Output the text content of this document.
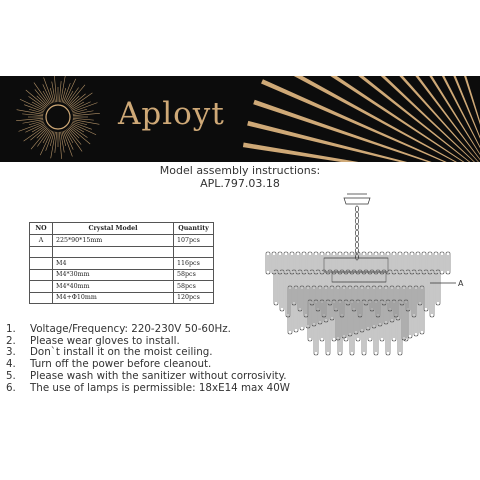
Aployt
Model assembly instructions:
APL.797.03.18
NO	Crystal Model	Quantity
A	225*90*15mm	107pcs

	M4	116pcs
	M4*30mm	58pcs
	M4*40mm	58pcs
	M4+Φ10mm	120pcs
A
1.	Voltage/Frequency: 220-230V 50-60Hz.
2.	Please wear gloves to install.
3.	Don`t install it on the moist ceiling.
4.	Turn off the power before cleanout.
5.	Please wash with the sanitizer without corrosivity.
6.	The use of lamps is permissible: 18xE14 max 40W
